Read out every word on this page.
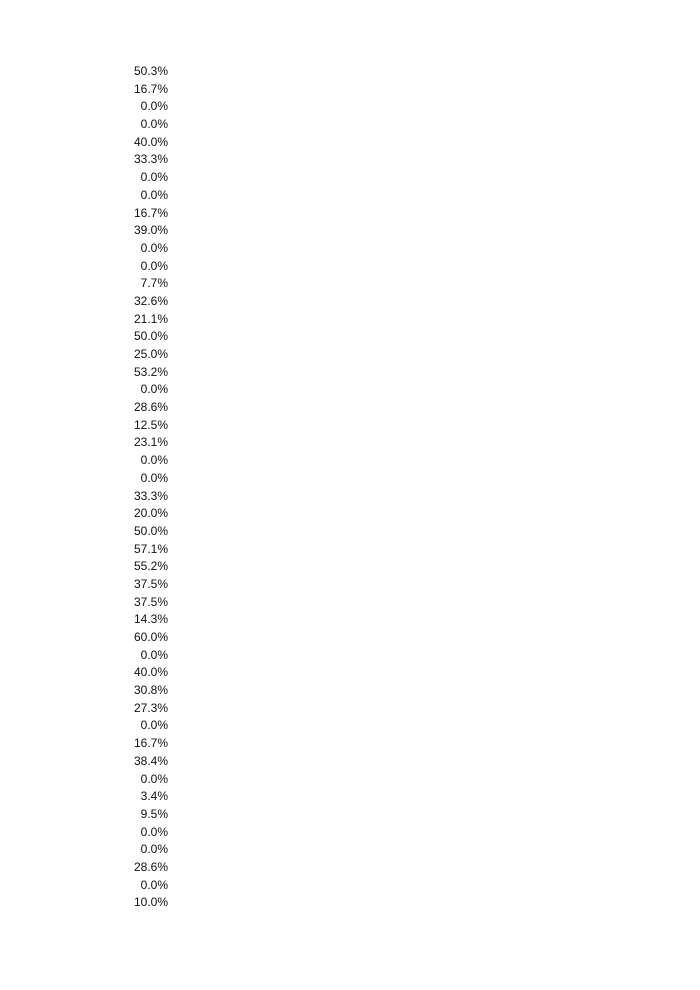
50.3%
16.7%
0.0%
0.0%
40.0%
33.3%
0.0%
0.0%
16.7%
39.0%
0.0%
0.0%
7.7%
32.6%
21.1%
50.0%
25.0%
53.2%
0.0%
28.6%
12.5%
23.1%
0.0%
0.0%
33.3%
20.0%
50.0%
57.1%
55.2%
37.5%
37.5%
14.3%
60.0%
0.0%
40.0%
30.8%
27.3%
0.0%
16.7%
38.4%
0.0%
3.4%
9.5%
0.0%
0.0%
28.6%
0.0%
10.0%
